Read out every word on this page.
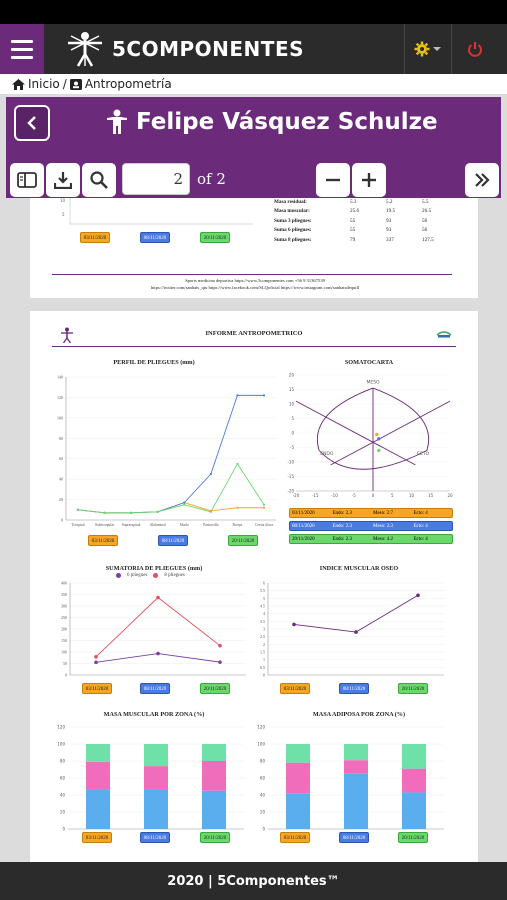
5COMPONENTES
Inicio / Antropometría
Felipe Vásquez Schulze
2 of 2
10
5
03/11/2020	08/11/2020	20/11/2020
Masa residual:	5.3	5.2	5.5
Masa muscular:	25.6	19.5	26.5
Suma 3 pliegues:	55	93	56
Suma 6 pliegues:	55	93	56
Suma 8 pliegues:	79	337	127.5
Sports medicina deportiva https://www.5componentes.com +56 9 31367539
https://twitter.com/sanhats_qtu https://www.facebook.com/SLQoficial https://www.instagram.com/sanhatsdequill
INFORME ANTROPOMETRICO
PERFIL DE PLIEGUES (mm)	SOMATOCARTA
0
20
40
60
80
100
120
140
Tricipital	Subescapular Supraespinal	Abdominal	Muslo	Pantorrilla	Biceps	Cresta iliaca
20
15
10
5
0
-5
-10
-15
-20
-20	-15	-10	-5	0	5	10	15	20
MESO
ENDO	ECTO
03/11/2020	08/11/2020	20/11/2020
03/11/2020	Endo: 2.3	Meso: 2.7	Ecto: 4
08/11/2020	Endo: 2.3	Meso: 2.3	Ecto: 4
20/11/2020	Endo: 2.3	Meso: 4.2	Ecto: 4
SUMATORIA DE PLIEGUES (mm)	INDICE MUSCULAR OSEO
6 pliegues	8 pliegues
0
50
100
150
200
250
300
350
400
0
0.5
1
1.5
2
2.5
3
3.5
4
4.5
5
5.5
6
03/11/2020	08/11/2020	20/11/2020	03/11/2020	08/11/2020	20/11/2020
MASA MUSCULAR POR ZONA (%)	MASA ADIPOSA POR ZONA (%)
0
20
40
60
80
100
120
0
20
40
60
80
100
120
03/11/2020	08/11/2020	20/11/2020	03/11/2020	08/11/2020	20/11/2020
2020 | 5Componentes™
